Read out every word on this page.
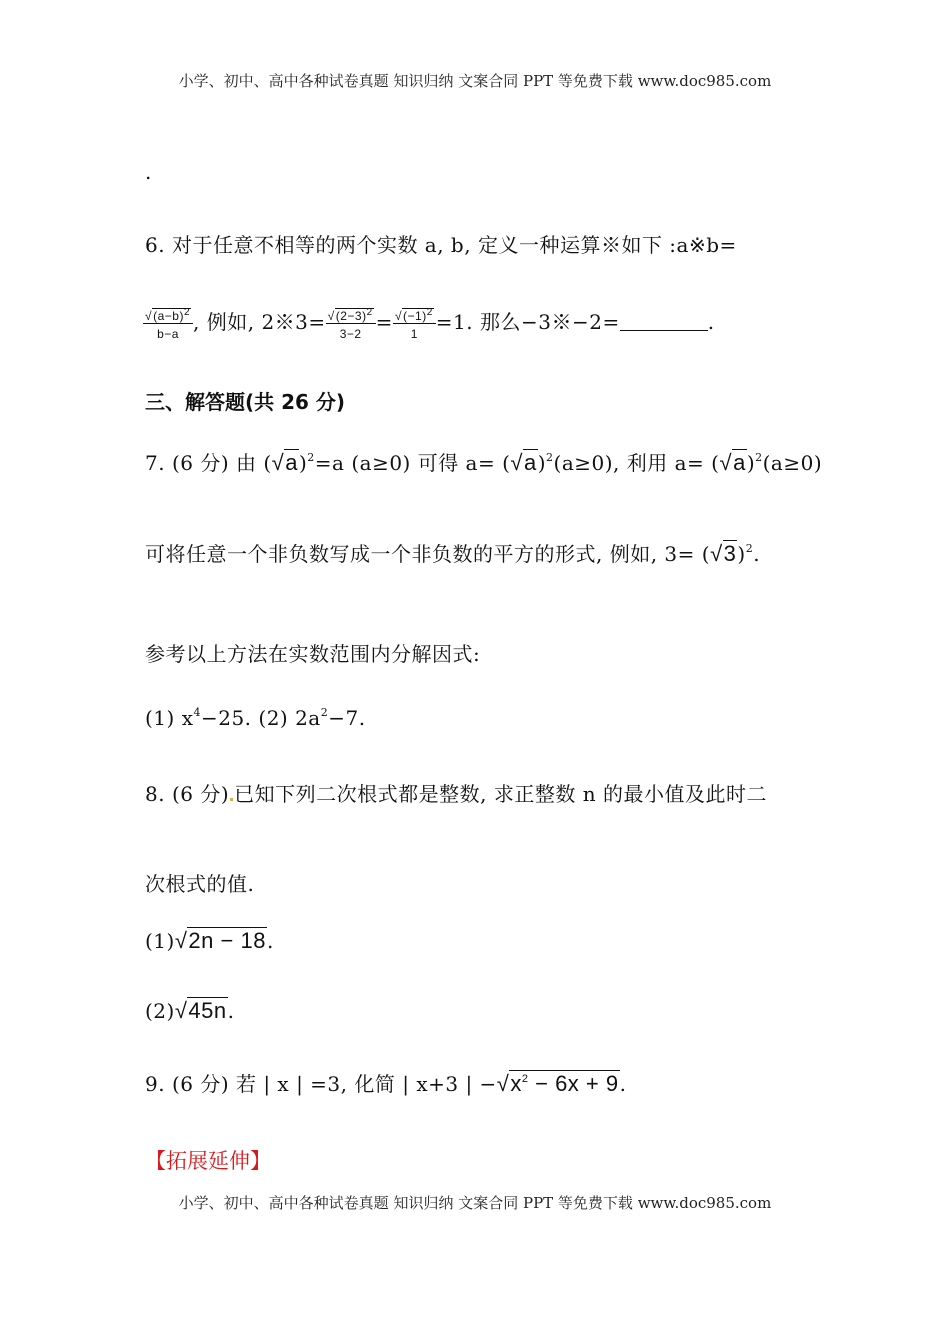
小学、初中、高中各种试卷真题 知识归纳 文案合同 PPT 等免费下载 www.doc985.com
.
6. 对于任意不相等的两个实数 a, b, 定义一种运算※如下 :a※b=
$\frac{√(a-b)^2}{b-a}$ , 例如, 2※3= $\frac{√(2-3)^2}{3-2} = \frac{√(-1)^2}{1} =1$. 那么−3※−2=	.
三、解答题(共 26 分)
7. (6 分) 由 $(√a)^2=a$ (a≥0) 可得 $a= (√a)^2(a\ge 0)$, 利用 $a= (√a)^2(a\ge 0)$
可将任意一个非负数写成一个非负数的平方的形式, 例如, $3= (√3)^2$.
参考以上方法在实数范围内分解因式:
(1) $x^4-25$. (2) $2a^2-7$.
8. (6 分) 已知下列二次根式都是整数, 求正整数 n 的最小值及此时二
次根式的值.
(1)√2n − 18.
(2)√45n.
9. (6 分) 若 | x | =3, 化简 | x+3 | $-√x^2 - 6x + 9$.
【拓展延伸】
小学、初中、高中各种试卷真题 知识归纳 文案合同 PPT 等免费下载 www.doc985.com
